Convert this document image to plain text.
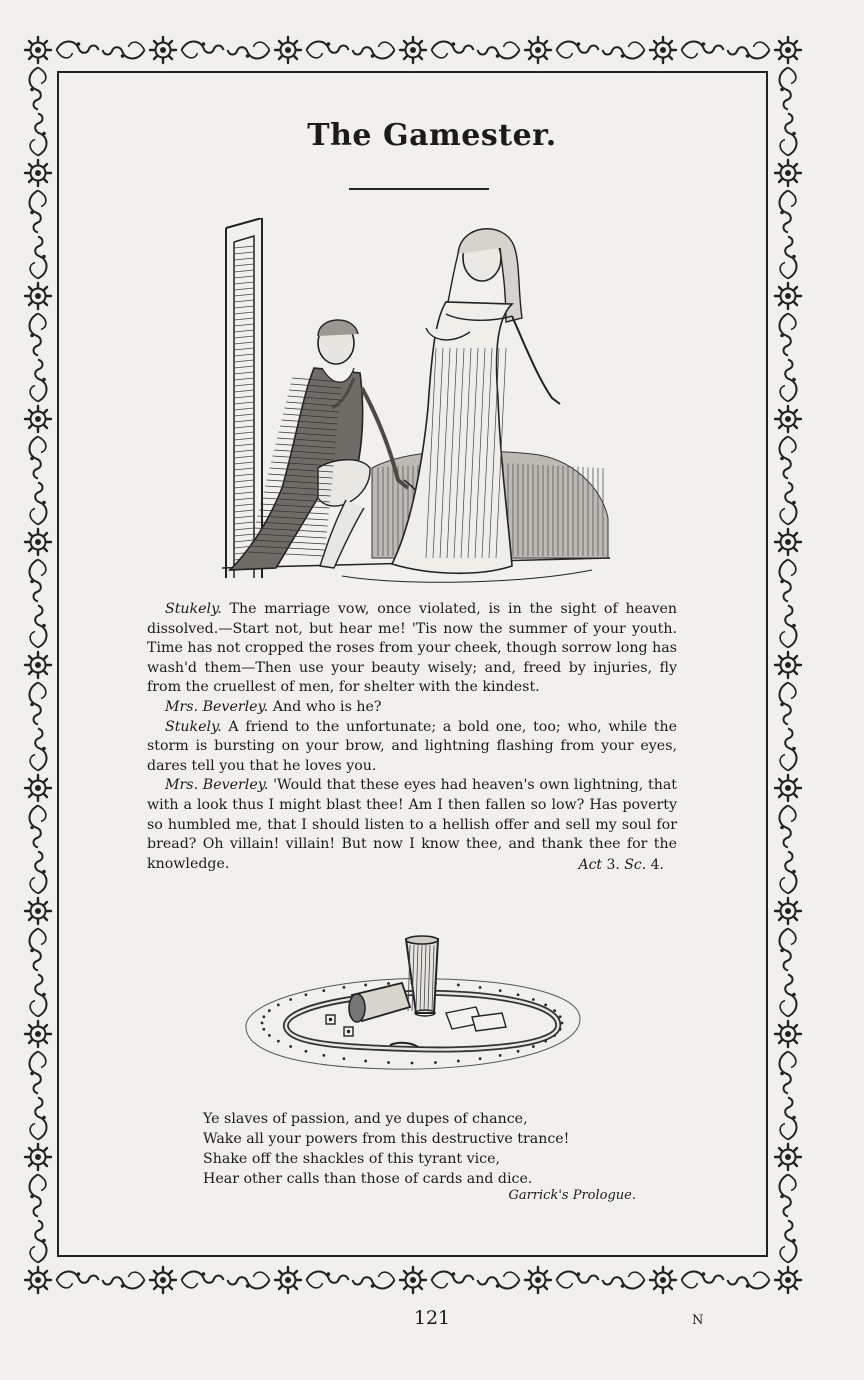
The Gamester.

Stukely. The marriage vow, once violated, is in the sight of heaven dissolved.—Start not, but hear me! 'Tis now the summer of your youth. Time has not cropped the roses from your cheek, though sorrow long has wash'd them—Then use your beauty wisely; and, freed by injuries, fly from the cruellest of men, for shelter with the kindest.

Mrs. Beverley. And who is he?

Stukely. A friend to the unfortunate; a bold one, too; who, while the storm is bursting on your brow, and lightning flashing from your eyes, dares tell you that he loves you.

Mrs. Beverley. 'Would that these eyes had heaven's own lightning, that with a look thus I might blast thee! Am I then fallen so low? Has poverty so humbled me, that I should listen to a hellish offer and sell my soul for bread? Oh villain! villain! But now I know thee, and thank thee for the knowledge.	Act 3. Sc. 4.
Ye slaves of passion, and ye dupes of chance,
Wake all your powers from this destructive trance!
Shake off the shackles of this tyrant vice,
Hear other calls than those of cards and dice.
Garrick's Prologue.
121	N
